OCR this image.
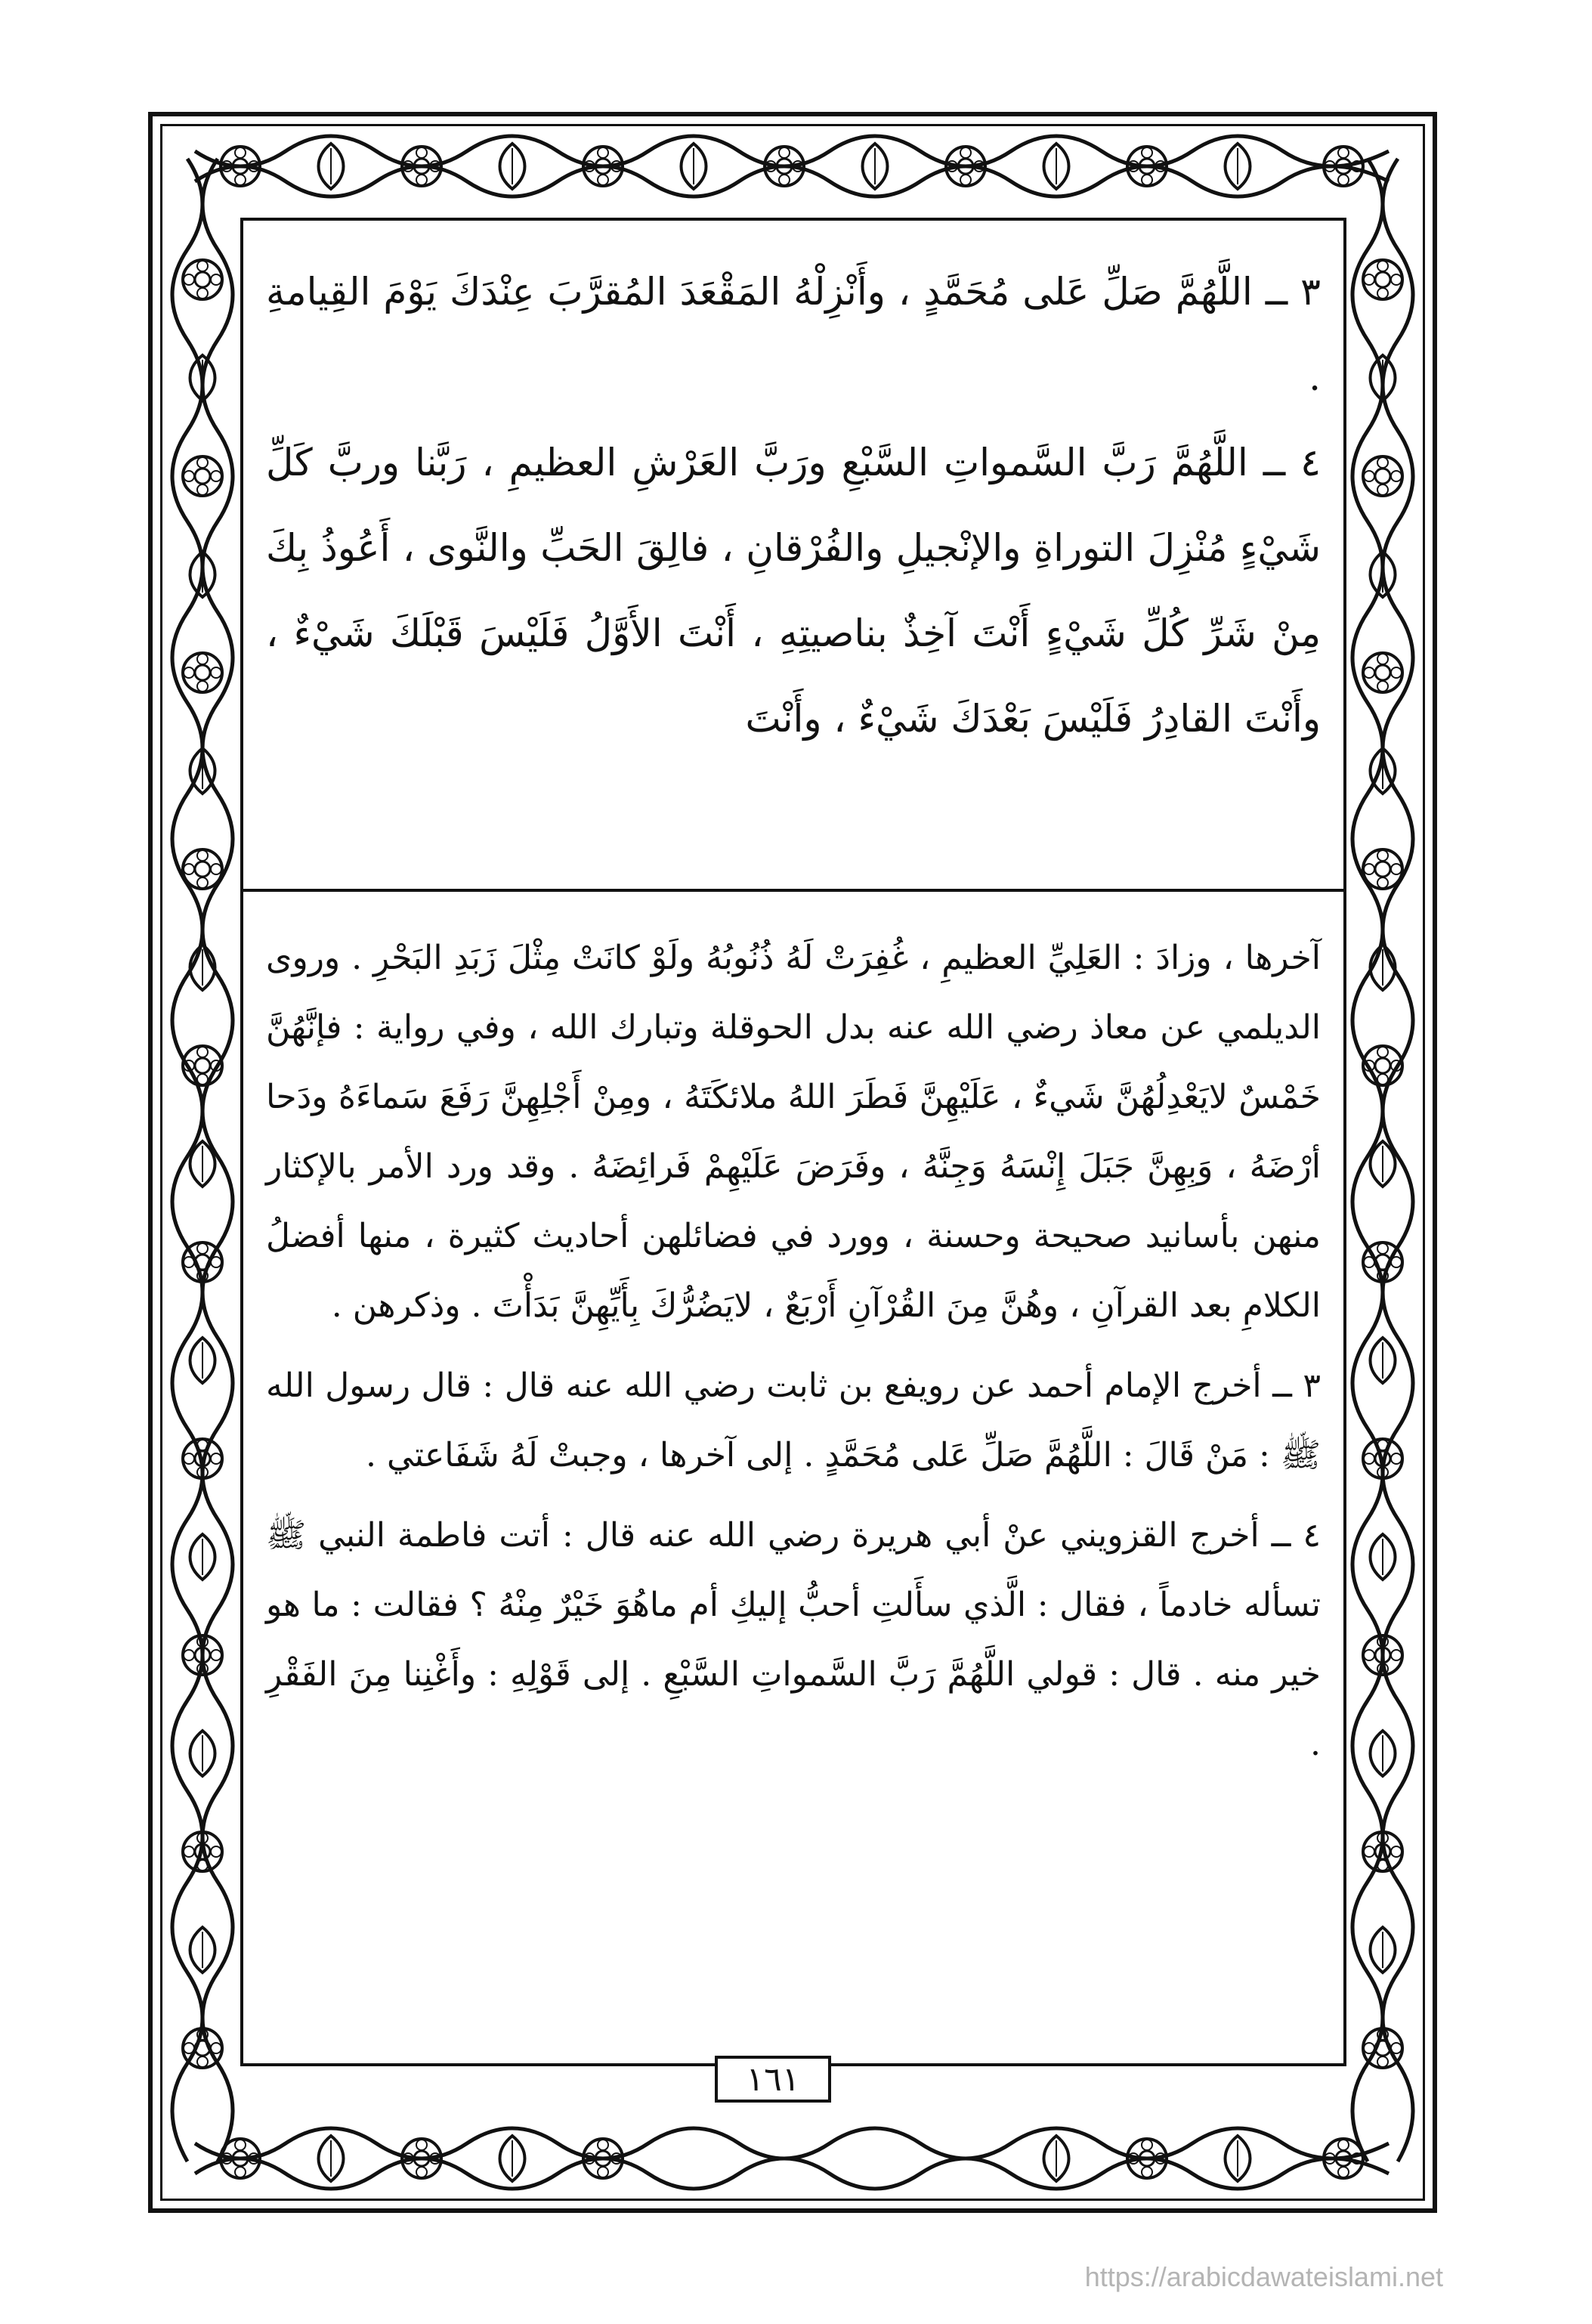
٣ ــ اللَّهُمَّ صَلِّ عَلى مُحَمَّدٍ ، وأَنْزِلْهُ المَقْعَدَ المُقرَّبَ عِنْدَكَ يَوْمَ القِيامةِ .

٤ ــ اللَّهُمَّ رَبَّ السَّمواتِ السَّبْعِ ورَبَّ العَرْشِ العظيمِ ، رَبَّنا وربَّ كَلِّ شَيْءٍ مُنْزِلَ التوراةِ والإنْجيلِ والفُرْقانِ ، فالِقَ الحَبِّ والنَّوى ، أَعُوذُ بِكَ مِنْ شَرِّ كُلِّ شَيْءٍ أَنْتَ آخِذٌ بناصيتِهِ ، أَنْتَ الأَوَّلُ فَلَيْسَ قَبْلَكَ شَيْءٌ ، وأَنْتَ القادِرُ فَلَيْسَ بَعْدَكَ شَيْءٌ ، وأَنْتَ

آخرها ، وزادَ : العَلِيِّ العظيمِ ، غُفِرَتْ لَهُ ذُنُوبُهُ ولَوْ كانَتْ مِثْلَ زَبَدِ البَحْرِ . وروى الديلمي عن معاذ رضي الله عنه بدل الحوقلة وتبارك الله ، وفي رواية : فإنَّهُنَّ خَمْسٌ لايَعْدِلُهُنَّ شَيءٌ ، عَلَيْهِنَّ فَطَرَ اللهُ ملائكَتَهُ ، ومِنْ أَجْلِهِنَّ رَفَعَ سَماءَهُ ودَحا أرْضَهُ ، وَبِهِنَّ جَبَلَ إِنْسَهُ وَجِنَّهُ ، وفَرَضَ عَلَيْهِمْ فَرائِضَهُ . وقد ورد الأمر بالإكثار منهن بأسانيد صحيحة وحسنة ، وورد في فضائلهن أحاديث كثيرة ، منها أفضلُ الكلامِ بعد القرآنِ ، وهُنَّ مِنَ القُرْآنِ أَرْبَعٌ ، لايَضُرُّكَ بِأَيِّهِنَّ بَدَأْتَ . وذكرهن .

٣ ــ أخرج الإمام أحمد عن رويفع بن ثابت رضي الله عنه قال : قال رسول الله ﷺ : مَنْ قَالَ : اللَّهُمَّ صَلِّ عَلى مُحَمَّدٍ . إلى آخرها ، وجبتْ لَهُ شَفَاعتي .

٤ ــ أخرج القزويني عنْ أبي هريرة رضي الله عنه قال : أتت فاطمة النبي ﷺ تسأله خادماً ، فقال : الَّذي سأَلتِ أحبُّ إليكِ أم ماهُوَ خَيْرٌ مِنْهُ ؟ فقالت : ما هو خير منه . قال : قولي اللَّهُمَّ رَبَّ السَّمواتِ السَّبْعِ . إلى قَوْلِهِ : وأَغْنِنا مِنَ الفَقْرِ .

١٦١
https://arabicdawateislami.net
